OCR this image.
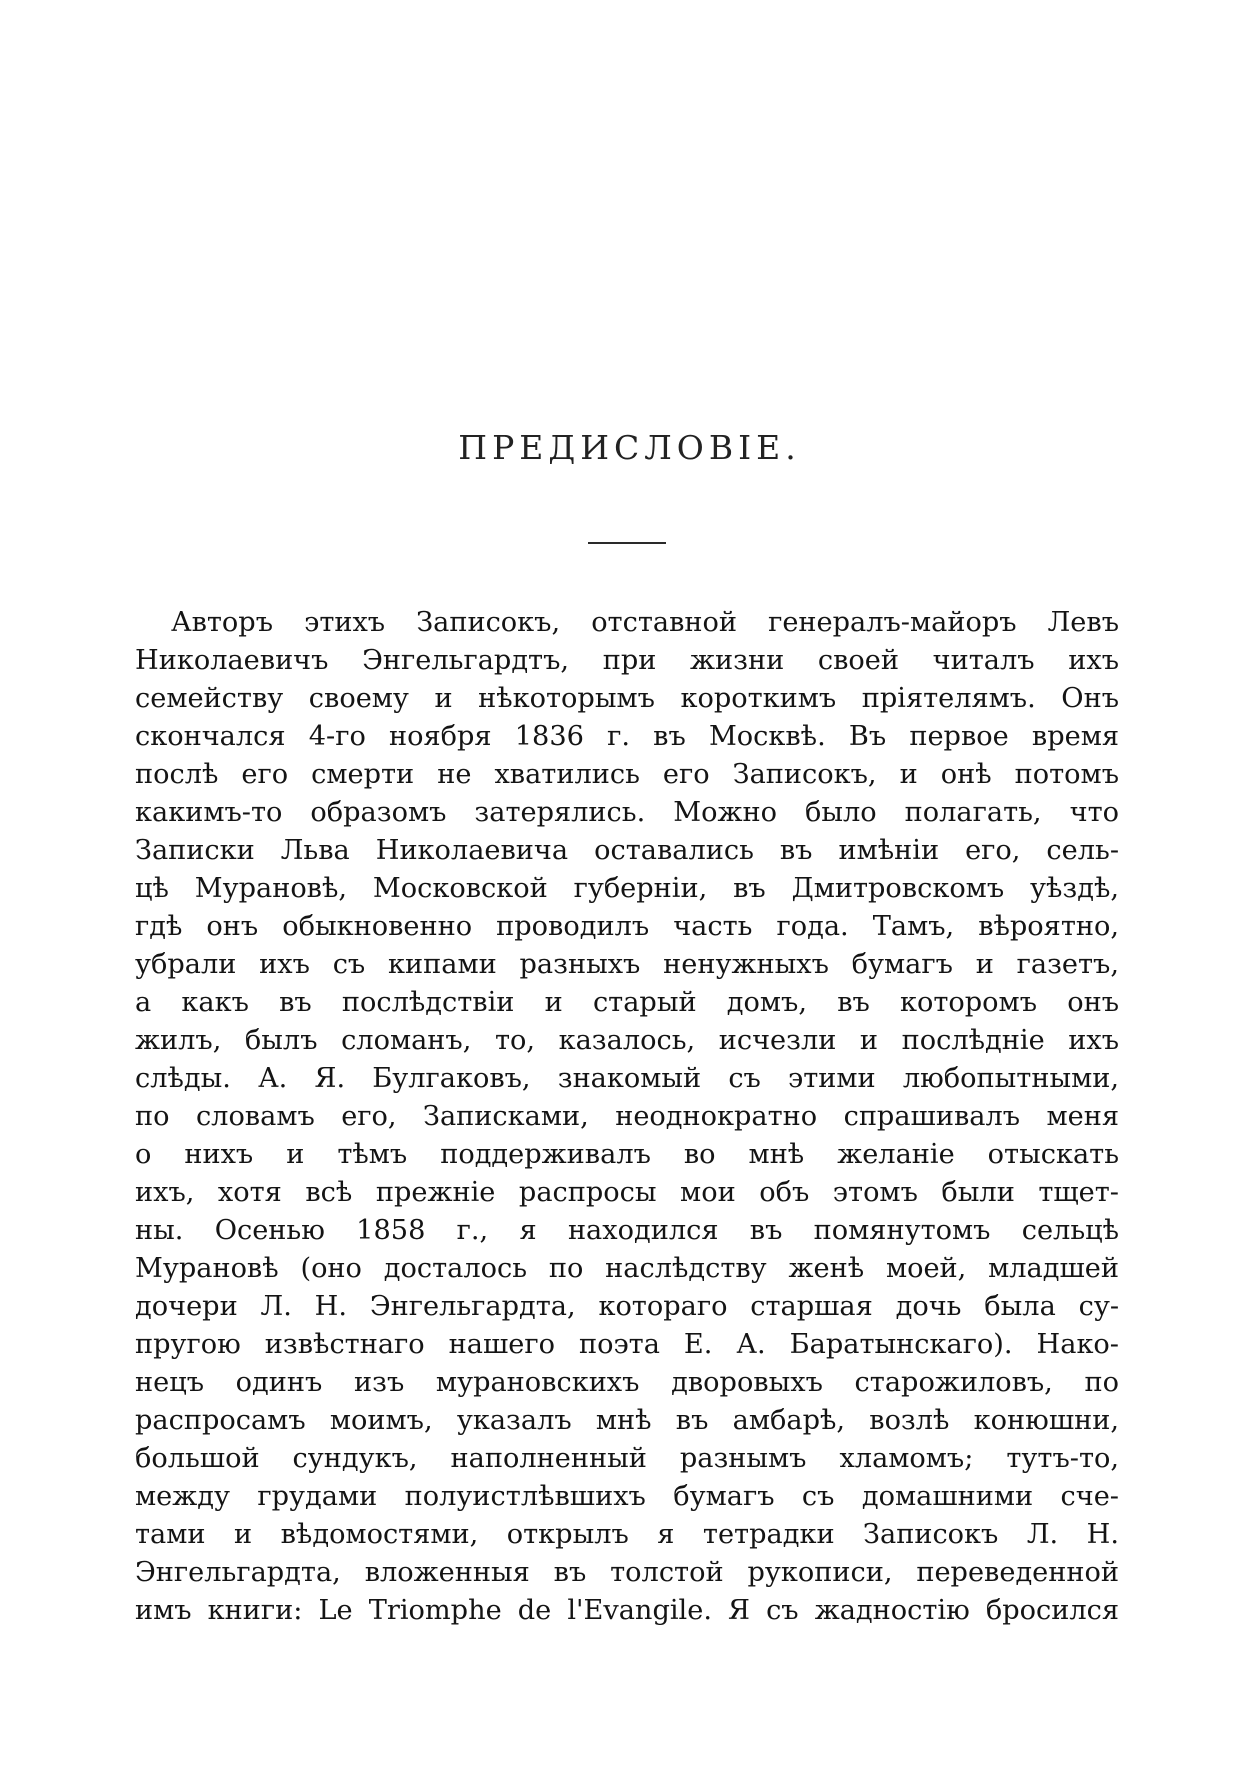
ПРЕДИСЛОВІЕ.
Авторъ этихъ Записокъ, отставной генералъ-майоръ Левъ
Николаевичъ Энгельгардтъ, при жизни своей читалъ ихъ
семейству своему и нѣкоторымъ короткимъ пріятелямъ. Онъ
скончался 4-го ноября 1836 г. въ Москвѣ. Въ первое время
послѣ его смерти не хватились его Записокъ, и онѣ потомъ
какимъ-то образомъ затерялись. Можно было полагать, что
Записки Льва Николаевича оставались въ имѣніи его, сель-
цѣ Мурановѣ, Московской губерніи, въ Дмитровскомъ уѣздѣ,
гдѣ онъ обыкновенно проводилъ часть года. Тамъ, вѣроятно,
убрали ихъ съ кипами разныхъ ненужныхъ бумагъ и газетъ,
а какъ въ послѣдствіи и старый домъ, въ которомъ онъ
жилъ, былъ сломанъ, то, казалось, исчезли и послѣдніе ихъ
слѣды. А. Я. Булгаковъ, знакомый съ этими любопытными,
по словамъ его, Записками, неоднократно спрашивалъ меня
о нихъ и тѣмъ поддерживалъ во мнѣ желаніе отыскать
ихъ, хотя всѣ прежніе распросы мои объ этомъ были тщет-
ны. Осенью 1858 г., я находился въ помянутомъ сельцѣ
Мурановѣ (оно досталось по наслѣдству женѣ моей, младшей
дочери Л. Н. Энгельгардта, котораго старшая дочь была су-
пругою извѣстнаго нашего поэта Е. А. Баратынскаго). Нако-
нецъ одинъ изъ мурановскихъ дворовыхъ старожиловъ, по
распросамъ моимъ, указалъ мнѣ въ амбарѣ, возлѣ конюшни,
большой сундукъ, наполненный разнымъ хламомъ; тутъ-то,
между грудами полуистлѣвшихъ бумагъ съ домашними сче-
тами и вѣдомостями, открылъ я тетрадки Записокъ Л. Н.
Энгельгардта, вложенныя въ толстой рукописи, переведенной
имъ книги: Le Triomphe de l'Evangile. Я съ жадностію бросился
